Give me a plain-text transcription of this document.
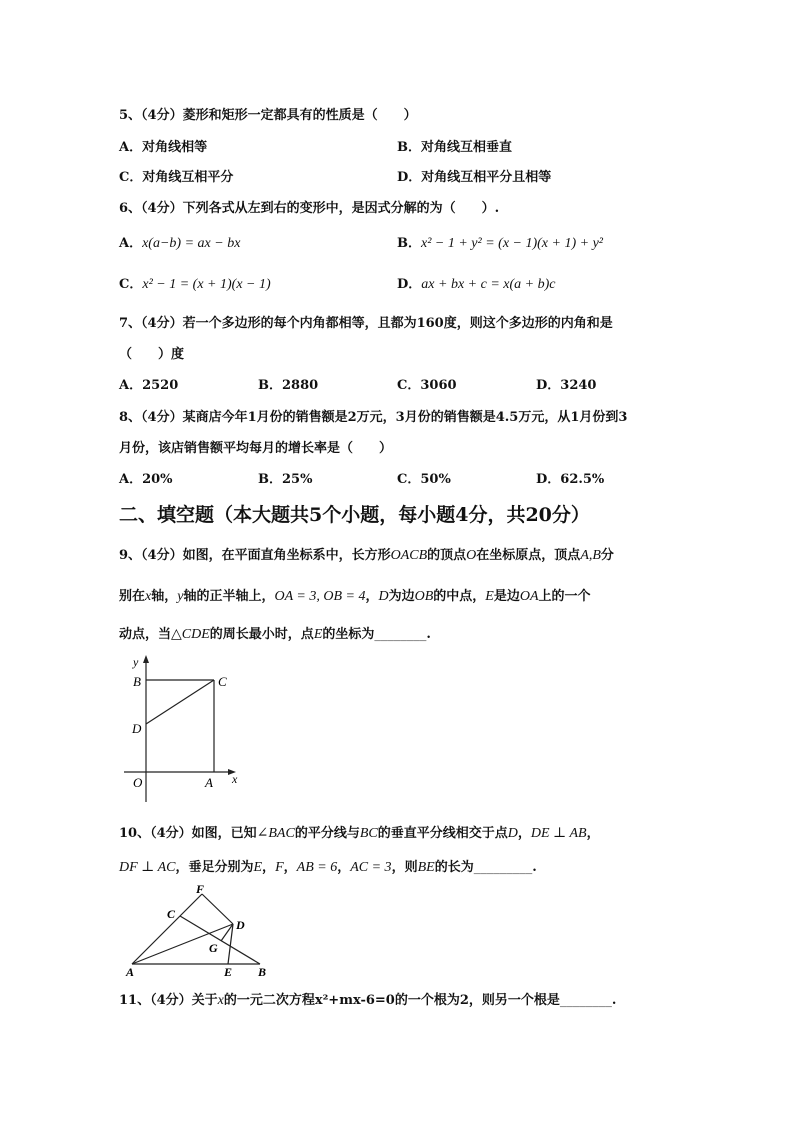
5、（4分）菱形和矩形一定都具有的性质是（　　）
A．对角线相等	B．对角线互相垂直
C．对角线互相平分	D．对角线互相平分且相等
6、（4分）下列各式从左到右的变形中，是因式分解的为（　　）.
A．x(a−b) = ax − bx	B．x² − 1 + y² = (x − 1)(x + 1) + y²
C．x² − 1 = (x + 1)(x − 1)	D．ax + bx + c = x(a + b)c
7、（4分）若一个多边形的每个内角都相等，且都为160度，则这个多边形的内角和是
（　　）度
A．2520	B．2880	C．3060	D．3240
8、（4分）某商店今年1月份的销售额是2万元，3月份的销售额是4.5万元，从1月份到3
月份，该店销售额平均每月的增长率是（　　）
A．20%	B．25%	C．50%	D．62.5%
二、填空题（本大题共5个小题，每小题4分，共20分）
9、（4分）如图，在平面直角坐标系中，长方形OACB的顶点O在坐标原点，顶点A,B分
别在x轴，y轴的正半轴上，OA = 3, OB = 4，D为边OB的中点，E是边OA上的一个
动点，当△CDE的周长最小时，点E的坐标为________.
y
x
O	A
B	C
D
10、（4分）如图，已知∠BAC的平分线与BC的垂直平分线相交于点D，DE ⊥ AB，
DF ⊥ AC，垂足分别为E，F，AB = 6，AC = 3，则BE的长为_________.
F
C
D
G
A	E B
11、（4分）关于x的一元二次方程x²+mx-6=0的一个根为2，则另一个根是________.
